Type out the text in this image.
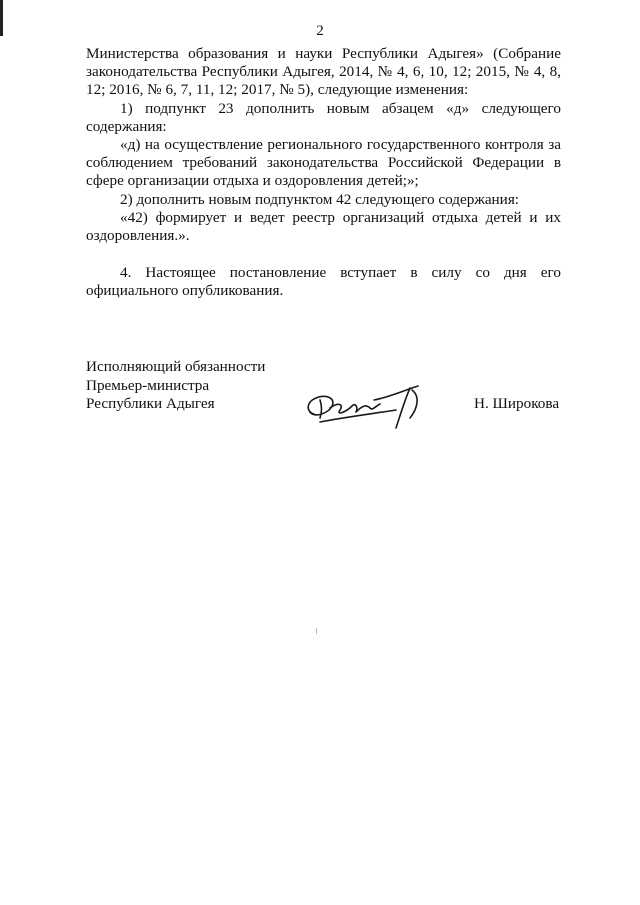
2

Министерства образования и науки Республики Адыгея» (Собрание законодательства Республики Адыгея, 2014, № 4, 6, 10, 12; 2015, № 4, 8, 12; 2016, № 6, 7, 11, 12; 2017, № 5), следующие изменения:

1) подпункт 23 дополнить новым абзацем «д» следующего содержания:

«д) на осуществление регионального государственного контроля за соблюдением требований законодательства Российской Федерации в сфере организации отдыха и оздоровления детей;»;

2) дополнить новым подпунктом 42 следующего содержания:

«42) формирует и ведет реестр организаций отдыха детей и их оздоровления.».

4. Настоящее постановление вступает в силу со дня его официального опубликования.

Исполняющий обязанности
Премьер-министра
Республики Адыгея	Н. Широкова
